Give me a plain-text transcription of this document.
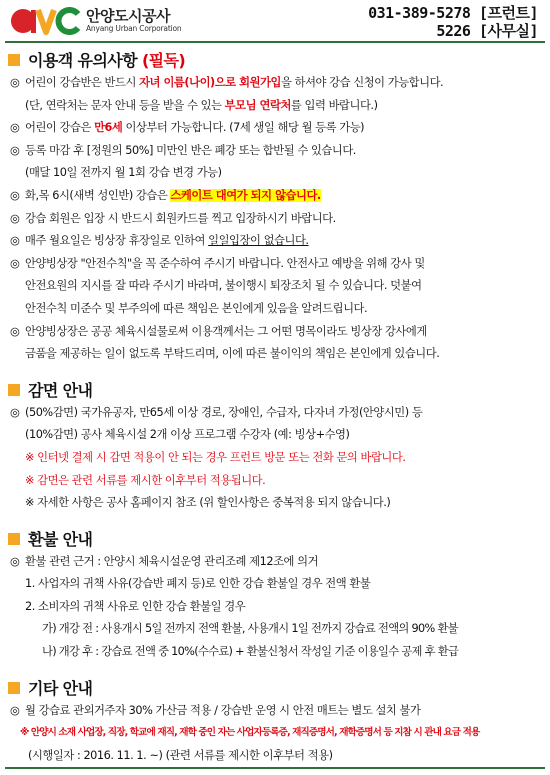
안양도시공사
Anyang Urban Corporation
031-389-5278 [프런트]
5226 [사무실]
이용객 유의사항 (필독)
◎ 어린이 강습반은 반드시 자녀 이름(나이)으로 회원가입을 하셔야 강습 신청이 가능합니다.
(단, 연락처는 문자 안내 등을 받을 수 있는 부모님 연락처를 입력 바랍니다.)
◎ 어린이 강습은 만6세 이상부터 가능합니다. (7세 생일 해당 월 등록 가능)
◎ 등록 마감 후 [정원의 50%] 미만인 반은 폐강 또는 합반될 수 있습니다.
(매달 10일 전까지 월 1회 강습 변경 가능)
◎ 화,목 6시(새벽 성인반) 강습은 스케이트 대여가 되지 않습니다.
◎ 강습 회원은 입장 시 반드시 회원카드를 찍고 입장하시기 바랍니다.
◎ 매주 월요일은 빙상장 휴장일로 인하여 일일입장이 없습니다.
◎ 안양빙상장 "안전수칙"을 꼭 준수하여 주시기 바랍니다. 안전사고 예방을 위해 강사 및
안전요원의 지시를 잘 따라 주시기 바라며, 불이행시 퇴장조치 될 수 있습니다. 덧붙여
안전수칙 미준수 및 부주의에 따른 책임은 본인에게 있음을 알려드립니다.
◎ 안양빙상장은 공공 체육시설물로써 이용객께서는 그 어떤 명목이라도 빙상장 강사에게
금품을 제공하는 일이 없도록 부탁드리며, 이에 따른 불이익의 책임은 본인에게 있습니다.
감면 안내
◎ (50%감면) 국가유공자, 만65세 이상 경로, 장애인, 수급자, 다자녀 가정(안양시민) 등
(10%감면) 공사 체육시설 2개 이상 프로그램 수강자 (예: 빙상+수영)
※ 인터넷 결제 시 감면 적용이 안 되는 경우 프런트 방문 또는 전화 문의 바랍니다.
※ 감면은 관련 서류를 제시한 이후부터 적용됩니다.
※ 자세한 사항은 공사 홈페이지 참조 (위 할인사항은 중복적용 되지 않습니다.)
환불 안내
◎ 환불 관련 근거 : 안양시 체육시설운영 관리조례 제12조에 의거
1. 사업자의 귀책 사유(강습반 폐지 등)로 인한 강습 환불일 경우 전액 환불
2. 소비자의 귀책 사유로 인한 강습 환불일 경우
가) 개강 전 : 사용개시 5일 전까지 전액 환불, 사용개시 1일 전까지 강습료 전액의 90% 환불
나) 개강 후 : 강습료 전액 중 10%(수수료) + 환불신청서 작성일 기준 이용일수 공제 후 환급
기타 안내
◎ 월 강습료 관외거주자 30% 가산금 적용 / 강습반 운영 시 안전 매트는 별도 설치 불가
※ 안양시 소재 사업장, 직장, 학교에 재직, 재학 중인 자는 사업자등록증, 재직증명서, 재학증명서 등 지참 시 관내 요금 적용
(시행일자 : 2016. 11. 1. ~) (관련 서류를 제시한 이후부터 적용)
